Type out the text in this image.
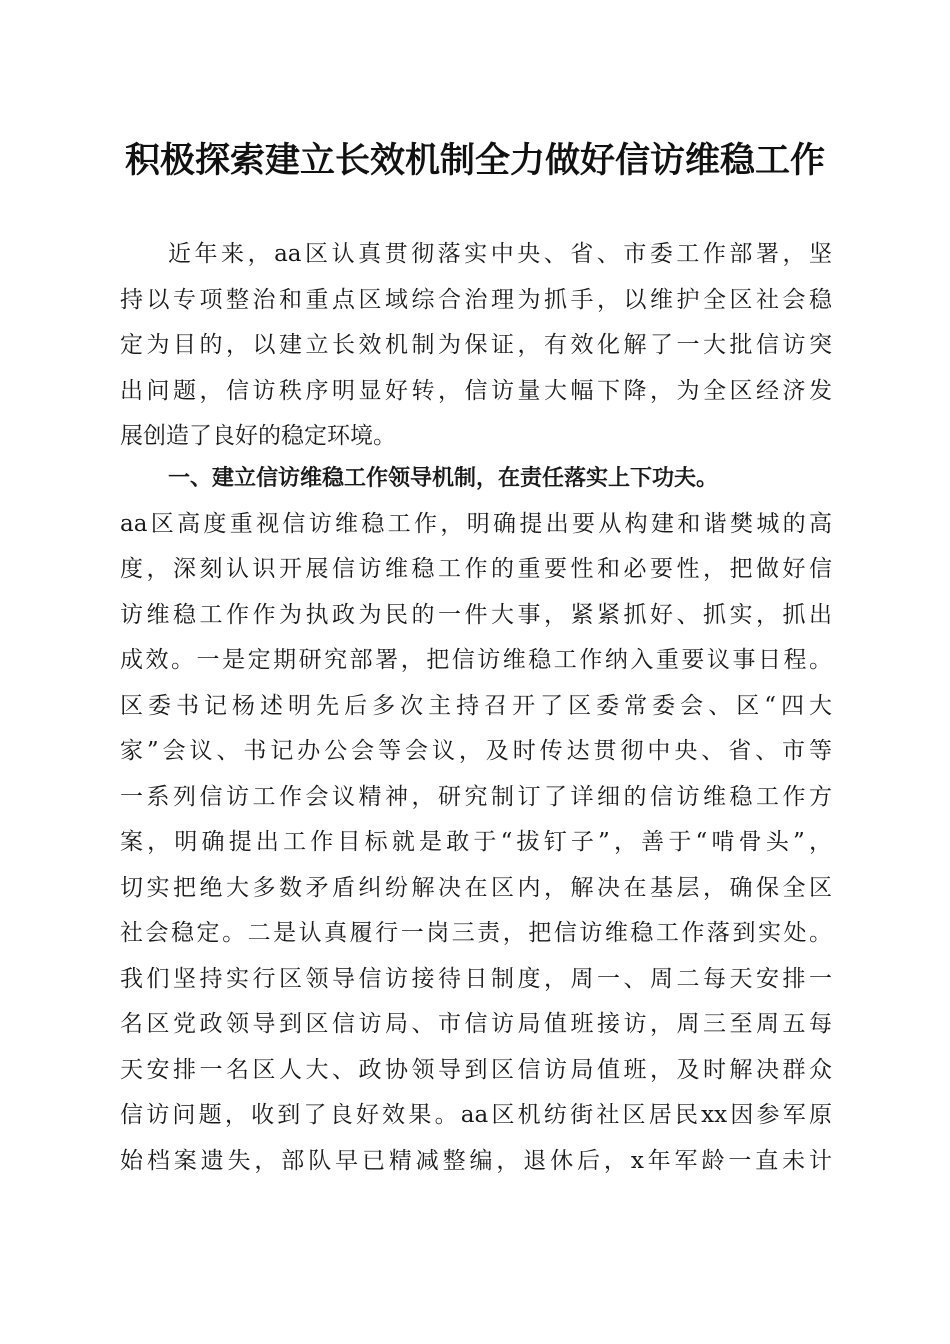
积极探索建立长效机制全力做好信访维稳工作
近年来，aa区认真贯彻落实中央、省、市委工作部署，坚
持以专项整治和重点区域综合治理为抓手，以维护全区社会稳
定为目的，以建立长效机制为保证，有效化解了一大批信访突
出问题，信访秩序明显好转，信访量大幅下降，为全区经济发
展创造了良好的稳定环境。
一、建立信访维稳工作领导机制，在责任落实上下功夫。
aa区高度重视信访维稳工作，明确提出要从构建和谐樊城的高
度，深刻认识开展信访维稳工作的重要性和必要性，把做好信
访维稳工作作为执政为民的一件大事，紧紧抓好、抓实，抓出
成效。一是定期研究部署，把信访维稳工作纳入重要议事日程。
区委书记杨述明先后多次主持召开了区委常委会、区“四大
家”会议、书记办公会等会议，及时传达贯彻中央、省、市等
一系列信访工作会议精神，研究制订了详细的信访维稳工作方
案，明确提出工作目标就是敢于“拔钉子”，善于“啃骨头”，
切实把绝大多数矛盾纠纷解决在区内，解决在基层，确保全区
社会稳定。二是认真履行一岗三责，把信访维稳工作落到实处。
我们坚持实行区领导信访接待日制度，周一、周二每天安排一
名区党政领导到区信访局、市信访局值班接访，周三至周五每
天安排一名区人大、政协领导到区信访局值班，及时解决群众
信访问题，收到了良好效果。aa区机纺街社区居民xx因参军原
始档案遗失，部队早已精减整编，退休后，x年军龄一直未计
